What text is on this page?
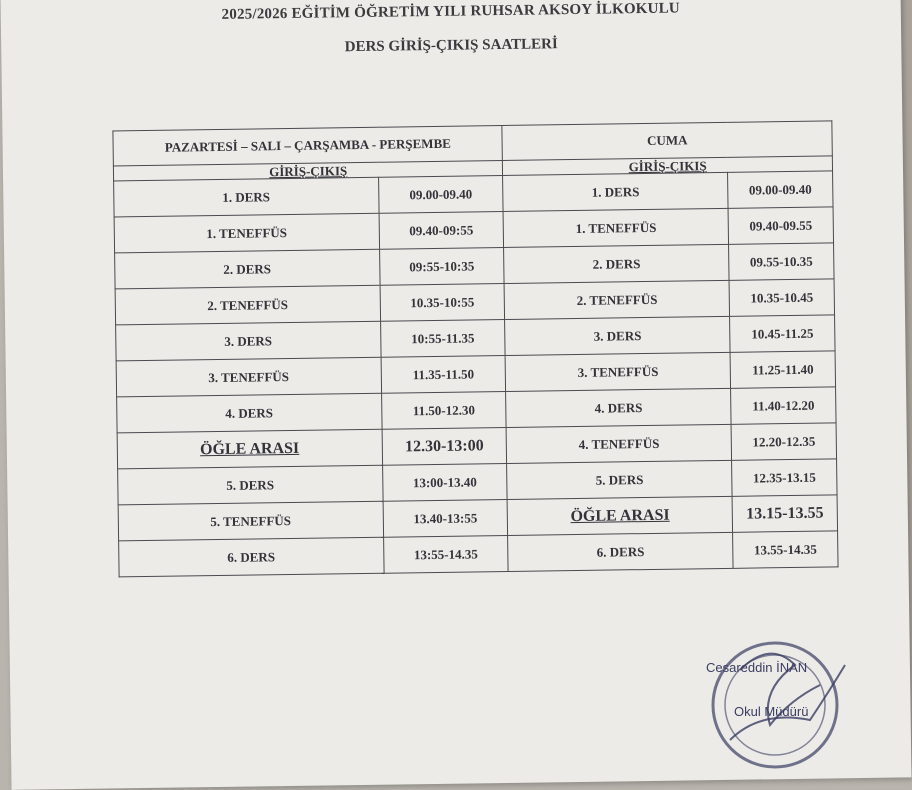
2025/2026 EĞİTİM ÖĞRETİM YILI RUHSAR AKSOY İLKOKULU
DERS GİRİŞ-ÇIKIŞ SAATLERİ
PAZARTESİ – SALI – ÇARŞAMBA - PERŞEMBE		CUMA	
GİRİŞ-ÇIKIŞ		GİRİŞ-ÇIKIŞ	
1. DERS	09.00-09.40	1. DERS	09.00-09.40
1. TENEFFÜS	09.40-09:55	1. TENEFFÜS	09.40-09.55
2. DERS	09:55-10:35	2. DERS	09.55-10.35
2. TENEFFÜS	10.35-10:55	2. TENEFFÜS	10.35-10.45
3. DERS	10:55-11.35	3. DERS	10.45-11.25
3. TENEFFÜS	11.35-11.50	3. TENEFFÜS	11.25-11.40
4. DERS	11.50-12.30	4. DERS	11.40-12.20
ÖĞLE ARASI	12.30-13:00	4. TENEFFÜS	12.20-12.35
5. DERS	13:00-13.40	5. DERS	12.35-13.15
5. TENEFFÜS	13.40-13:55	ÖĞLE ARASI	13.15-13.55
6. DERS	13:55-14.35	6. DERS	13.55-14.35
Cesareddin İNAN
Okul Müdürü
